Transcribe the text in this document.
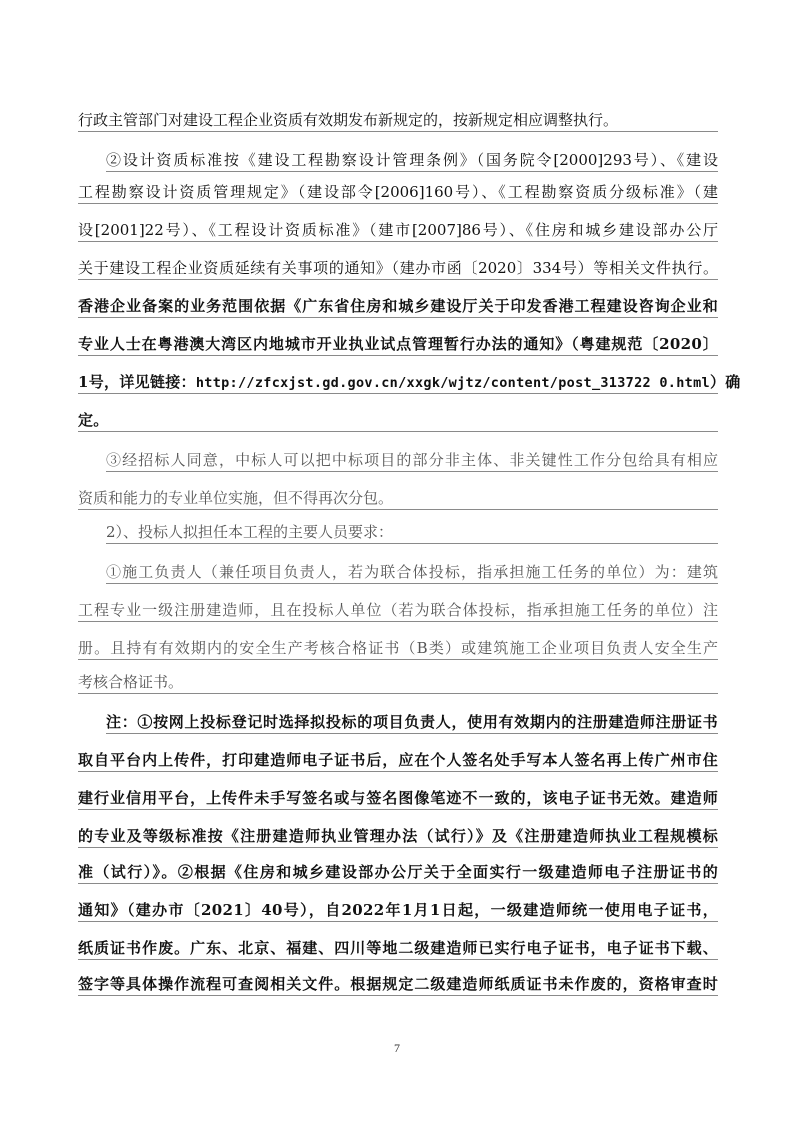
行政主管部门对建设工程企业资质有效期发布新规定的，按新规定相应调整执行。
②设计资质标准按《建设工程勘察设计管理条例》（国务院令[2000]293号）、《建设
工程勘察设计资质管理规定》（建设部令[2006]160号）、《工程勘察资质分级标准》（建
设[2001]22号）、《工程设计资质标准》（建市[2007]86号）、《住房和城乡建设部办公厅
关于建设工程企业资质延续有关事项的通知》（建办市函〔2020〕334号）等相关文件执行。
香港企业备案的业务范围依据《广东省住房和城乡建设厅关于印发香港工程建设咨询企业和
专业人士在粤港澳大湾区内地城市开业执业试点管理暂行办法的通知》（粤建规范〔2020〕
1号，详见链接：http://zfcxjst.gd.gov.cn/xxgk/wjtz/content/post_313722 0.html）确
定。
③经招标人同意，中标人可以把中标项目的部分非主体、非关键性工作分包给具有相应
资质和能力的专业单位实施，但不得再次分包。
2）、投标人拟担任本工程的主要人员要求：
①施工负责人（兼任项目负责人，若为联合体投标，指承担施工任务的单位）为：建筑
工程专业一级注册建造师，且在投标人单位（若为联合体投标，指承担施工任务的单位）注
册。且持有有效期内的安全生产考核合格证书（B类）或建筑施工企业项目负责人安全生产
考核合格证书。
注：①按网上投标登记时选择拟投标的项目负责人，使用有效期内的注册建造师注册证书
取自平台内上传件，打印建造师电子证书后，应在个人签名处手写本人签名再上传广州市住
建行业信用平台，上传件未手写签名或与签名图像笔迹不一致的，该电子证书无效。建造师
的专业及等级标准按《注册建造师执业管理办法（试行）》及《注册建造师执业工程规模标
准（试行）》。②根据《住房和城乡建设部办公厅关于全面实行一级建造师电子注册证书的
通知》（建办市〔2021〕40号），自2022年1月1日起，一级建造师统一使用电子证书，
纸质证书作废。广东、北京、福建、四川等地二级建造师已实行电子证书，电子证书下载、
签字等具体操作流程可查阅相关文件。根据规定二级建造师纸质证书未作废的，资格审查时
7
